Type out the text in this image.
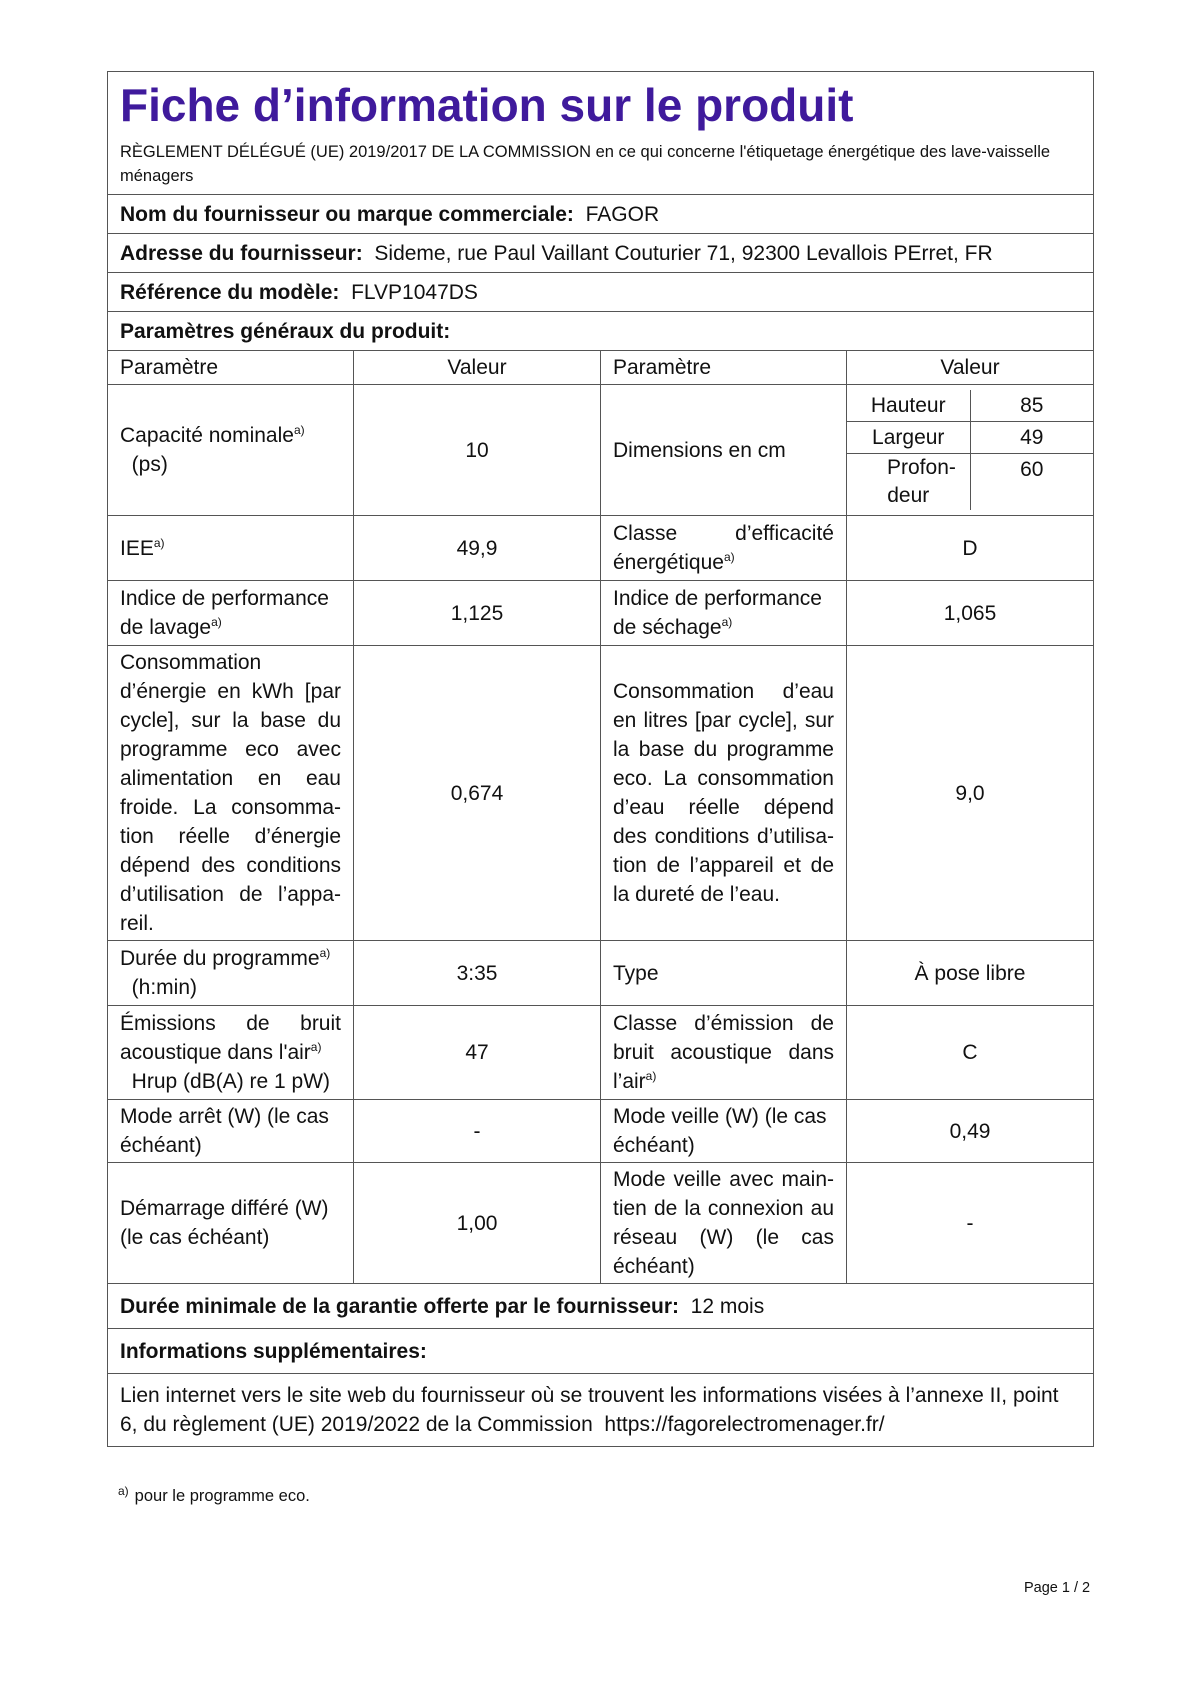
Fiche d’information sur le produit
RÈGLEMENT DÉLÉGUÉ (UE) 2019/2017 DE LA COMMISSION en ce qui concerne l'étiquetage énergétique des lave-vaisselle ménagers

Nom du fournisseur ou marque commerciale: FAGOR
Adresse du fournisseur: Sideme, rue Paul Vaillant Couturier 71, 92300 Levallois PErret, FR
Référence du modèle: FLVP1047DS
Paramètres généraux du produit:
Paramètre	Valeur	Paramètre	Valeur
Capacité nominale$^{a)}$
(ps)	10	Dimensions en cm	
Hauteur	85
Largeur	49
Profon-deur	60

IEE$^{a)}$	49,9	Classe d’efficacité énergétique$^{a)}$	D
Indice de performance de lavage$^{a)}$	1,125	Indice de performance de séchage$^{a)}$	1,065
Consommation d’énergie en kWh [par cycle], sur la base du programme eco avec alimentation en eau froide. La consomma-tion réelle d’énergie dépend des conditions d’utilisation de l’appa-reil.	0,674	Consommation d’eau en litres [par cycle], sur la base du programme eco. La consommation d’eau réelle dépend des conditions d’utilisa-tion de l’appareil et de la dureté de l’eau.	9,0
Durée du programme$^{a)}$
(h:min)	3:35	Type	À pose libre
Émissions de bruit acoustique dans l'air$^{a)}$
Hrup (dB(A) re 1 pW)	47	Classe d’émission de bruit acoustique dans l’air$^{a)}$	C
Mode arrêt (W) (le cas échéant)	-	Mode veille (W) (le cas échéant)	0,49
Démarrage différé (W) (le cas échéant)	1,00	Mode veille avec main-tien de la connexion au réseau (W) (le cas échéant)	-
Durée minimale de la garantie offerte par le fournisseur: 12 mois
Informations supplémentaires:
Lien internet vers le site web du fournisseur où se trouvent les informations visées à l’annexe II, point 6, du règlement (UE) 2019/2022 de la Commission https://fagorelectromenager.fr/
$^{a)}$ pour le programme eco.
Page 1 / 2
